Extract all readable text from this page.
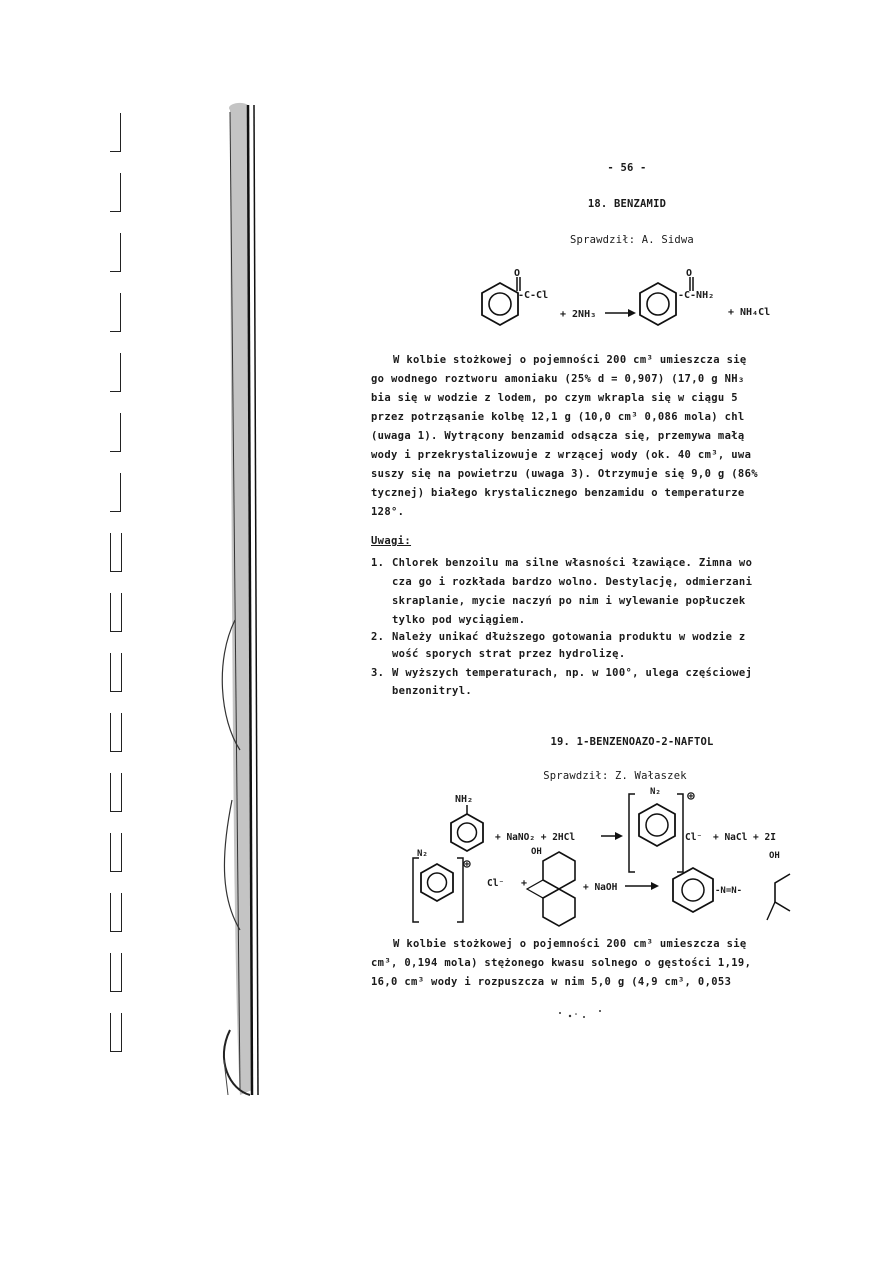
- 56 -
18. BENZAMID
Sprawdził: A. Sidwa
O
-C-Cl
+ 2NH₃
O
-C-NH₂
+ NH₄Cl
W kolbie stożkowej o pojemności 200 cm³ umieszcza się
go wodnego roztworu amoniaku (25% d = 0,907) (17,0 g NH₃
bia się w wodzie z lodem, po czym wkrapla się w ciągu 5
przez potrząsanie kolbę 12,1 g (10,0 cm³ 0,086 mola) chl
(uwaga 1). Wytrącony benzamid odsącza się, przemywa małą
wody i przekrystalizowuje z wrzącej wody (ok. 40 cm³, uwa
suszy się na powietrzu (uwaga 3). Otrzymuje się 9,0 g (86%
tycznej) białego krystalicznego benzamidu o temperaturze
128°.
Uwagi:
1. Chlorek benzoilu ma silne własności łzawiące. Zimna wo
cza go i rozkłada bardzo wolno. Destylację, odmierzani
skraplanie, mycie naczyń po nim i wylewanie popłuczek
tylko pod wyciągiem.
2. Należy unikać dłuższego gotowania produktu w wodzie z
wość sporych strat przez hydrolizę.
3. W wyższych temperaturach, np. w 100°, ulega częściowej
benzonitryl.
19. 1-BENZENOAZO-2-NAFTOL
Sprawdził: Z. Wałaszek
NH₂
+ NaNO₂ + 2HCl
N₂ ⊕
Cl⁻ + NaCl + 2I
N₂
⊕
Cl⁻ +
OH
+ NaOH	-N=N-
OH
W kolbie stożkowej o pojemności 200 cm³ umieszcza się
cm³, 0,194 mola) stężonego kwasu solnego o gęstości 1,19,
16,0 cm³ wody i rozpuszcza w nim 5,0 g (4,9 cm³, 0,053
